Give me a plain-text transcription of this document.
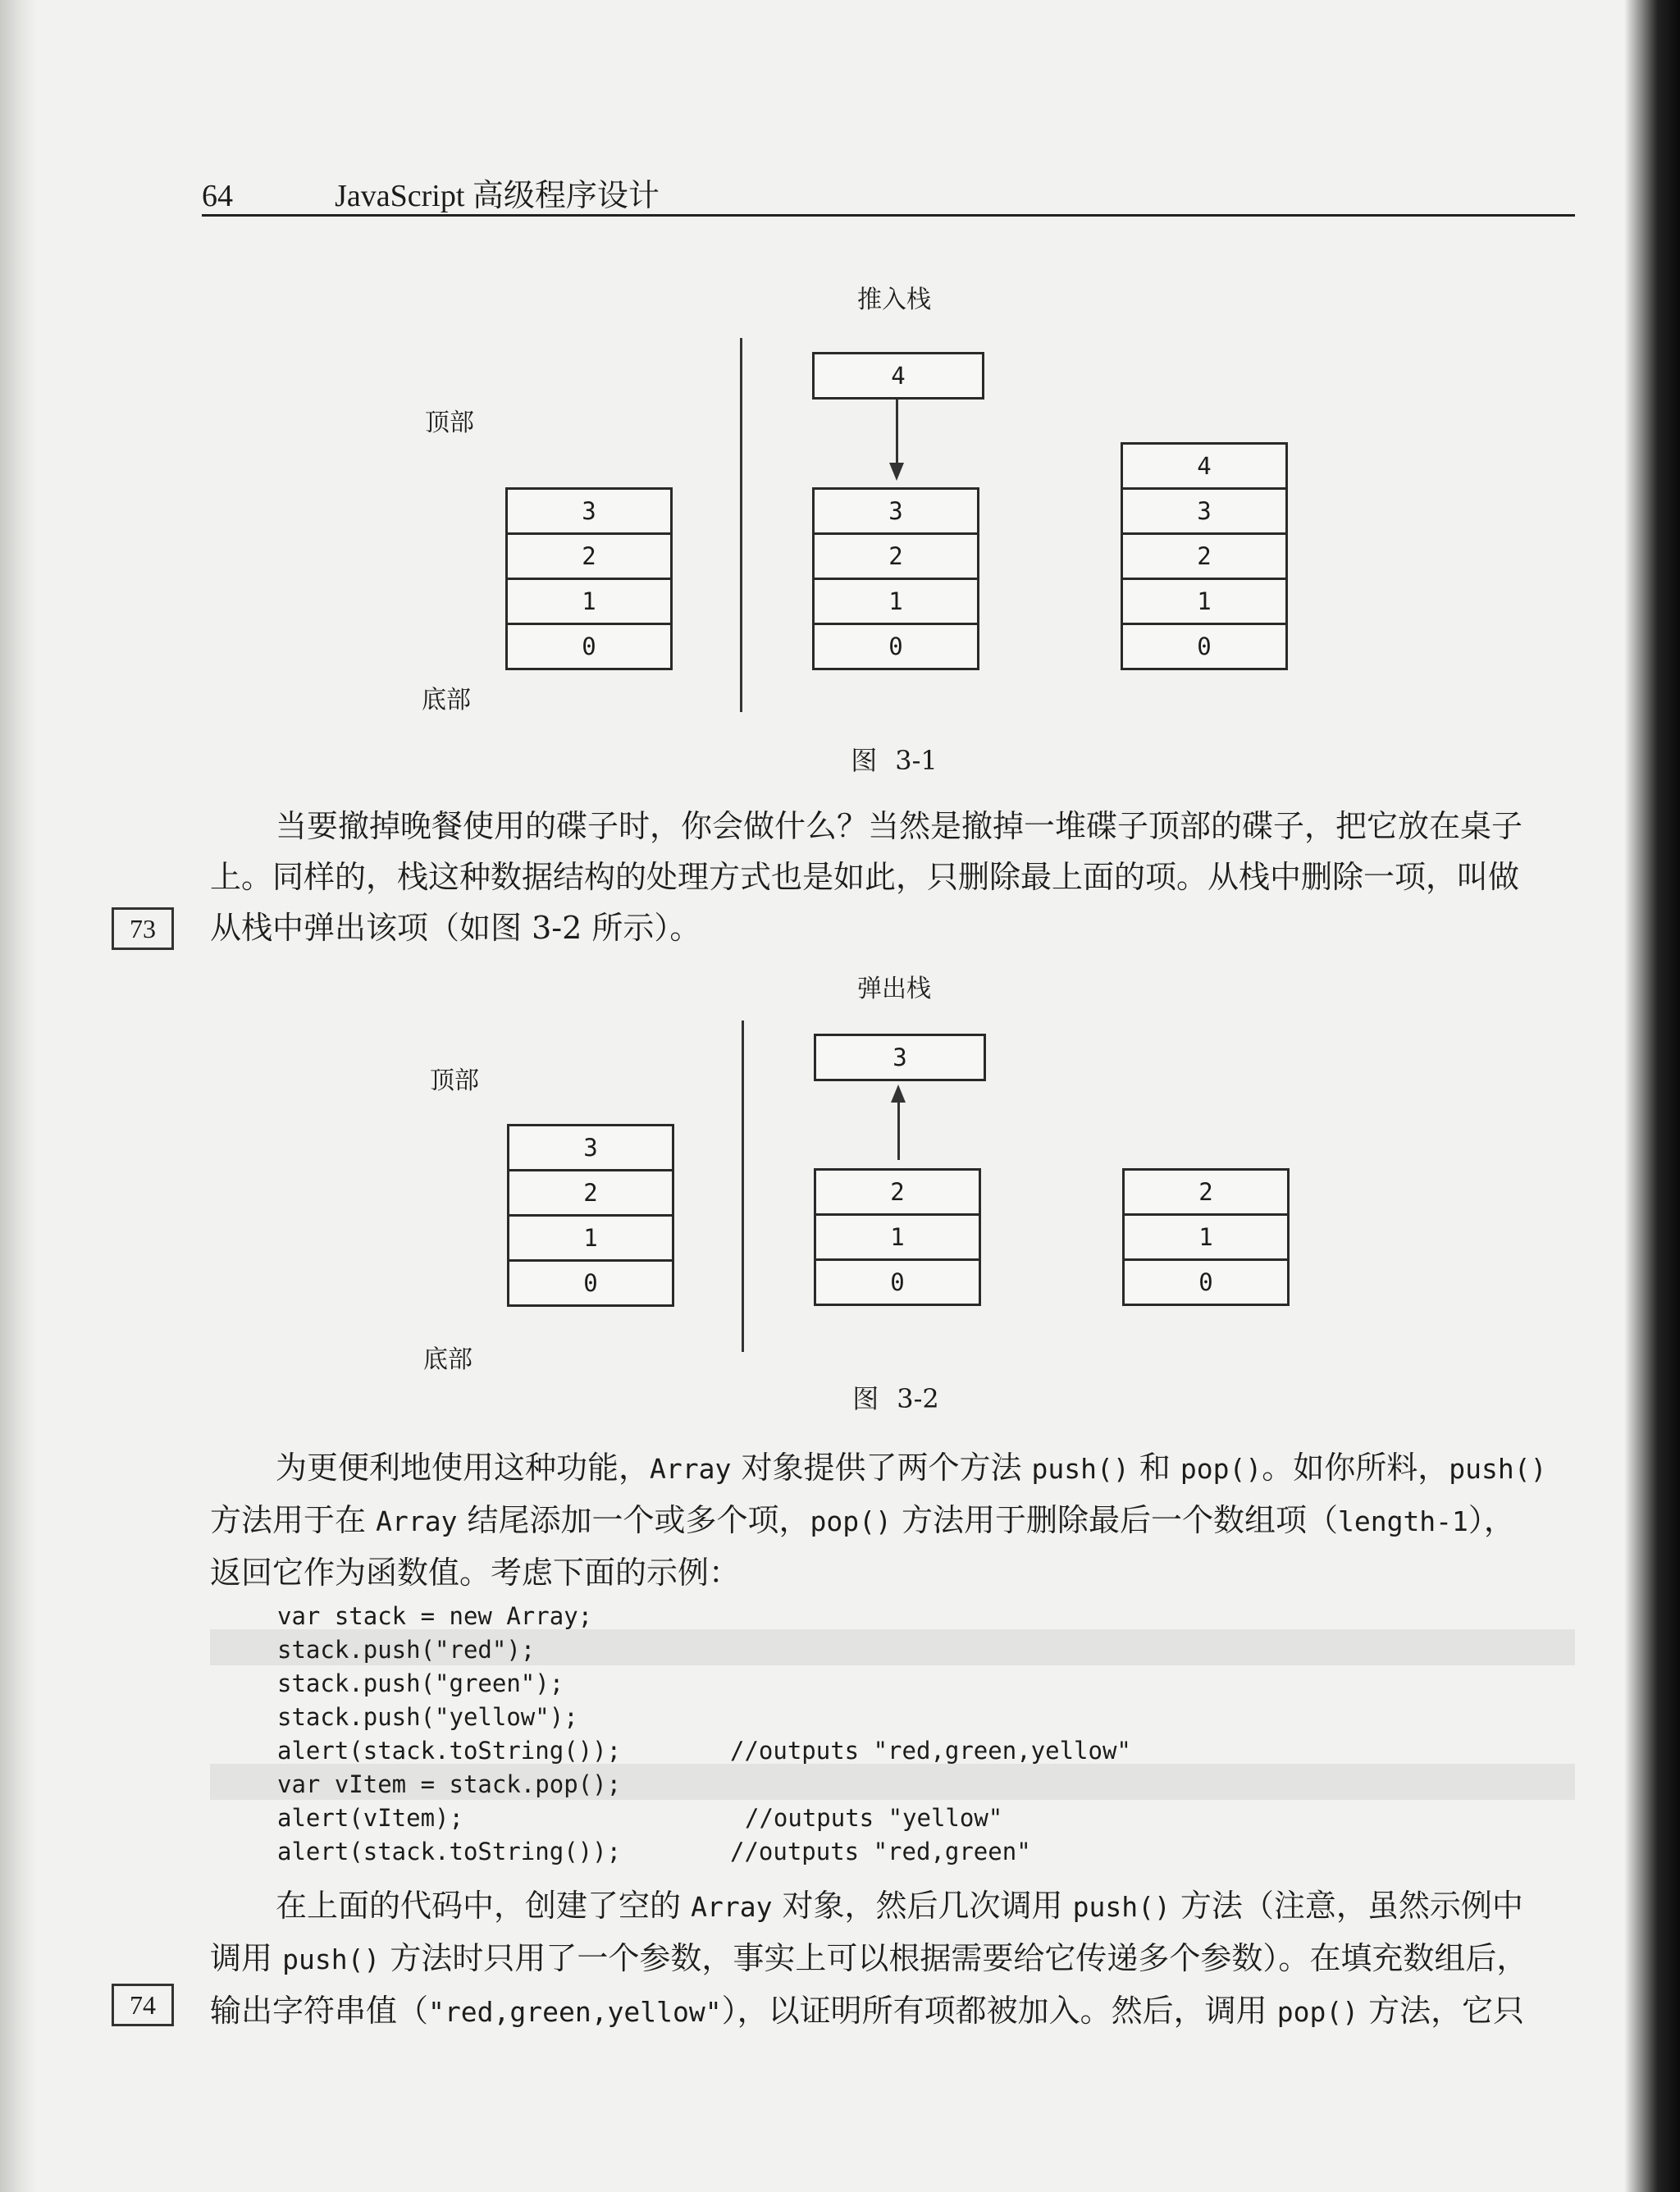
64	JavaScript 高级程序设计
推入栈
顶部
底部
3
2
1
0
4
3
2
1
0
4
3
2
1
0
图 3-1
当要撤掉晚餐使用的碟子时，你会做什么？当然是撤掉一堆碟子顶部的碟子，把它放在桌子
上。同样的，栈这种数据结构的处理方式也是如此，只删除最上面的项。从栈中删除一项，叫做
从栈中弹出该项（如图 3-2 所示）。
73
弹出栈
顶部
底部
3
2
1
0
3
2
1
0
2
1
0
图 3-2
为更便利地使用这种功能，Array 对象提供了两个方法 push() 和 pop()。如你所料，push()
方法用于在 Array 结尾添加一个或多个项，pop() 方法用于删除最后一个数组项（length-1），
返回它作为函数值。考虑下面的示例：
var stack = new Array;
stack.push("red");
stack.push("green");
stack.push("yellow");
alert(stack.toString());
var vItem = stack.pop();
alert(vItem);
alert(stack.toString());
//outputs "red,green,yellow"
//outputs "yellow"
//outputs "red,green"
在上面的代码中，创建了空的 Array 对象，然后几次调用 push() 方法（注意，虽然示例中
调用 push() 方法时只用了一个参数，事实上可以根据需要给它传递多个参数）。在填充数组后，
输出字符串值（"red,green,yellow"），以证明所有项都被加入。然后，调用 pop() 方法，它只
74
